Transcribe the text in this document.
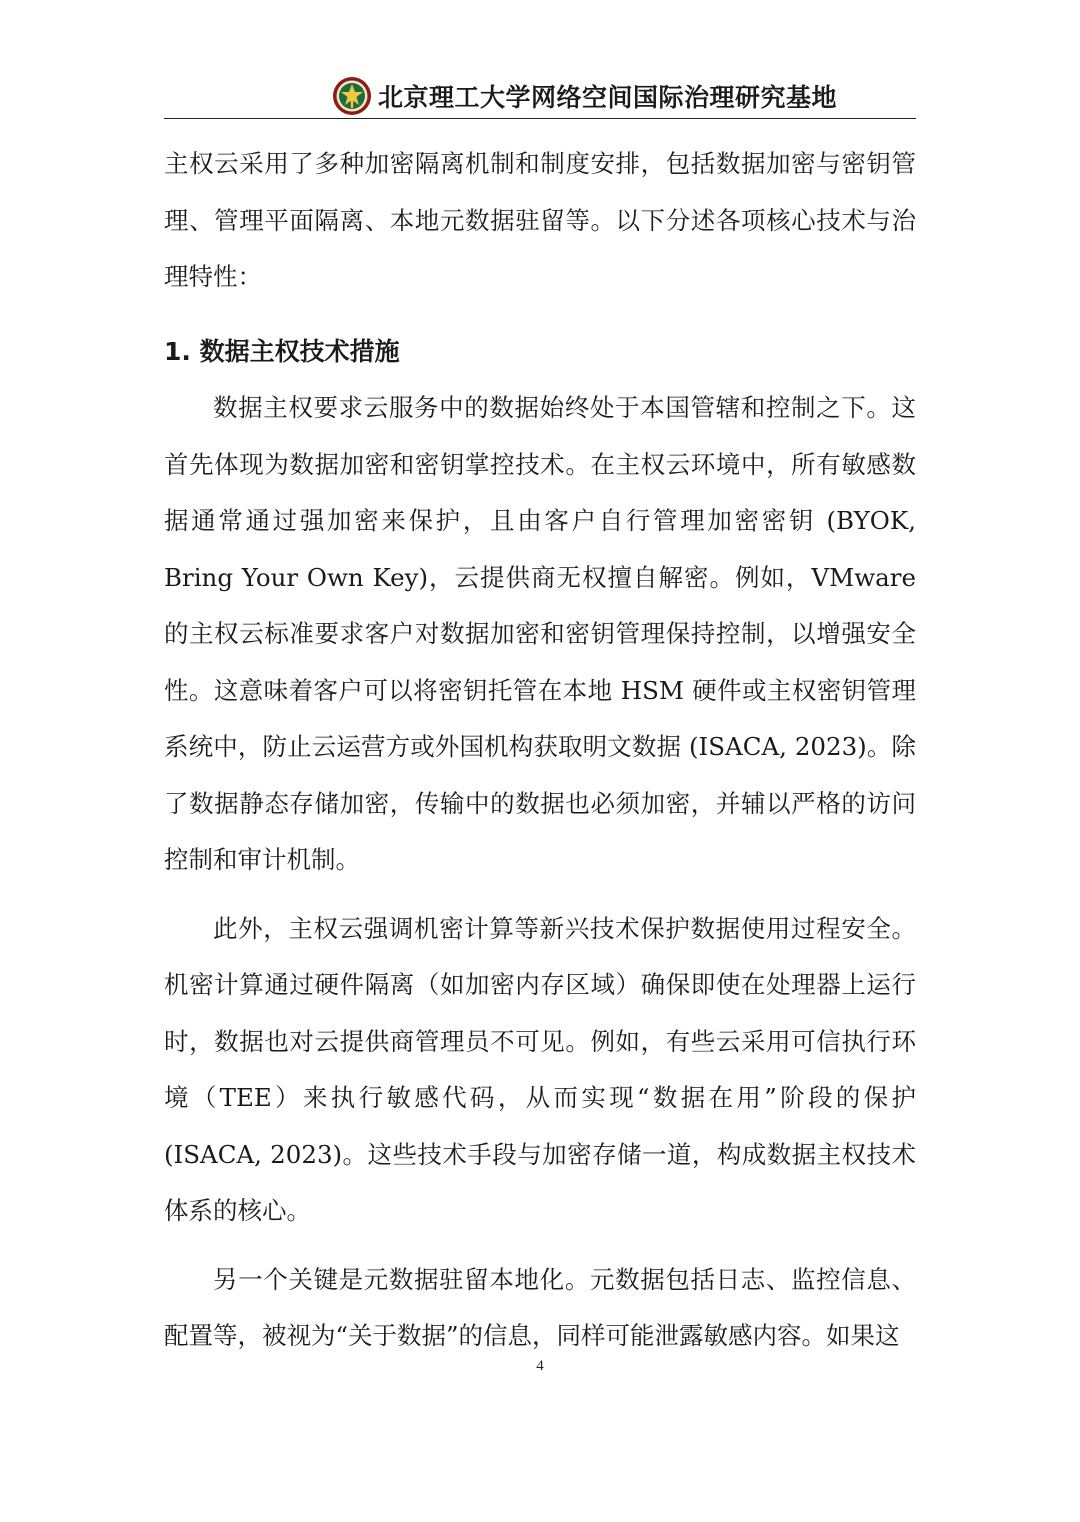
北京理工大学网络空间国际治理研究基地

主权云采用了多种加密隔离机制和制度安排，包括数据加密与密钥管理、管理平面隔离、本地元数据驻留等。以下分述各项核心技术与治理特性：

1. 数据主权技术措施

数据主权要求云服务中的数据始终处于本国管辖和控制之下。这首先体现为数据加密和密钥掌控技术。在主权云环境中，所有敏感数据通常通过强加密来保护，且由客户自行管理加密密钥 (BYOK, Bring Your Own Key)，云提供商无权擅自解密。例如，VMware 的主权云标准要求客户对数据加密和密钥管理保持控制，以增强安全性。这意味着客户可以将密钥托管在本地 HSM 硬件或主权密钥管理系统中，防止云运营方或外国机构获取明文数据 (ISACA, 2023)。除了数据静态存储加密，传输中的数据也必须加密，并辅以严格的访问控制和审计机制。

此外，主权云强调机密计算等新兴技术保护数据使用过程安全。机密计算通过硬件隔离（如加密内存区域）确保即使在处理器上运行时，数据也对云提供商管理员不可见。例如，有些云采用可信执行环境（TEE）来执行敏感代码，从而实现“数据在用”阶段的保护 (ISACA, 2023)。这些技术手段与加密存储一道，构成数据主权技术体系的核心。

另一个关键是元数据驻留本地化。元数据包括日志、监控信息、配置等，被视为“关于数据”的信息，同样可能泄露敏感内容。如果这

4
